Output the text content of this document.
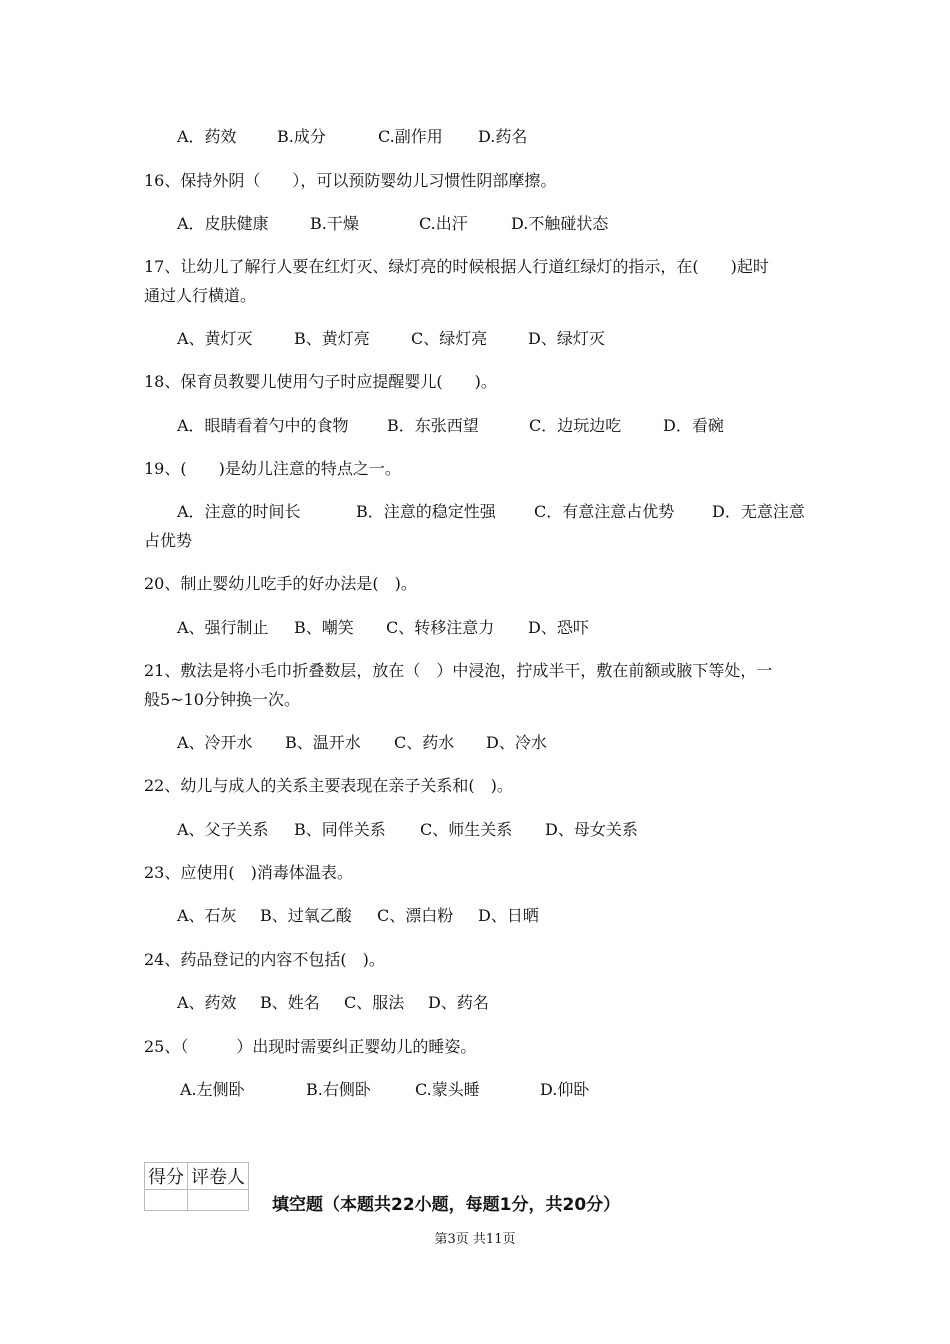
A．药效	B.成分	C.副作用 D.药名
16、保持外阴（　　），可以预防婴幼儿习惯性阴部摩擦。
A．皮肤健康	B.干燥	C.出汗	D.不触碰状态
17、让幼儿了解行人要在红灯灭、绿灯亮的时候根据人行道红绿灯的指示，在(　　)起时
通过人行横道。
A、黄灯灭	B、黄灯亮	C、绿灯亮	D、绿灯灭
18、保育员教婴儿使用勺子时应提醒婴儿(　　)。
A．眼睛看着勺中的食物 B．东张西望	C．边玩边吃	D．看碗
19、(　　)是幼儿注意的特点之一。
A．注意的时间长	B．注意的稳定性强 C．有意注意占优势 D．无意注意
占优势
20、制止婴幼儿吃手的好办法是(　)。
A、强行制止 B、嘲笑 C、转移注意力 D、恐吓
21、敷法是将小毛巾折叠数层，放在（　）中浸泡，拧成半干，敷在前额或腋下等处，一
般5~10分钟换一次。
A、冷开水 B、温开水 C、药水 D、冷水
22、幼儿与成人的关系主要表现在亲子关系和(　)。
A、父子关系 B、同伴关系 C、师生关系 D、母女关系
23、应使用(　)消毒体温表。
A、石灰 B、过氧乙酸 C、漂白粉 D、日晒
24、药品登记的内容不包括(　)。
A、药效 B、姓名 C、服法 D、药名
25、（　　　）出现时需要纠正婴幼儿的睡姿。
A.左侧卧	B.右侧卧	C.蒙头睡	D.仰卧
得分	评卷人

填空题（本题共22小题，每题1分，共20分）
第3页 共11页
